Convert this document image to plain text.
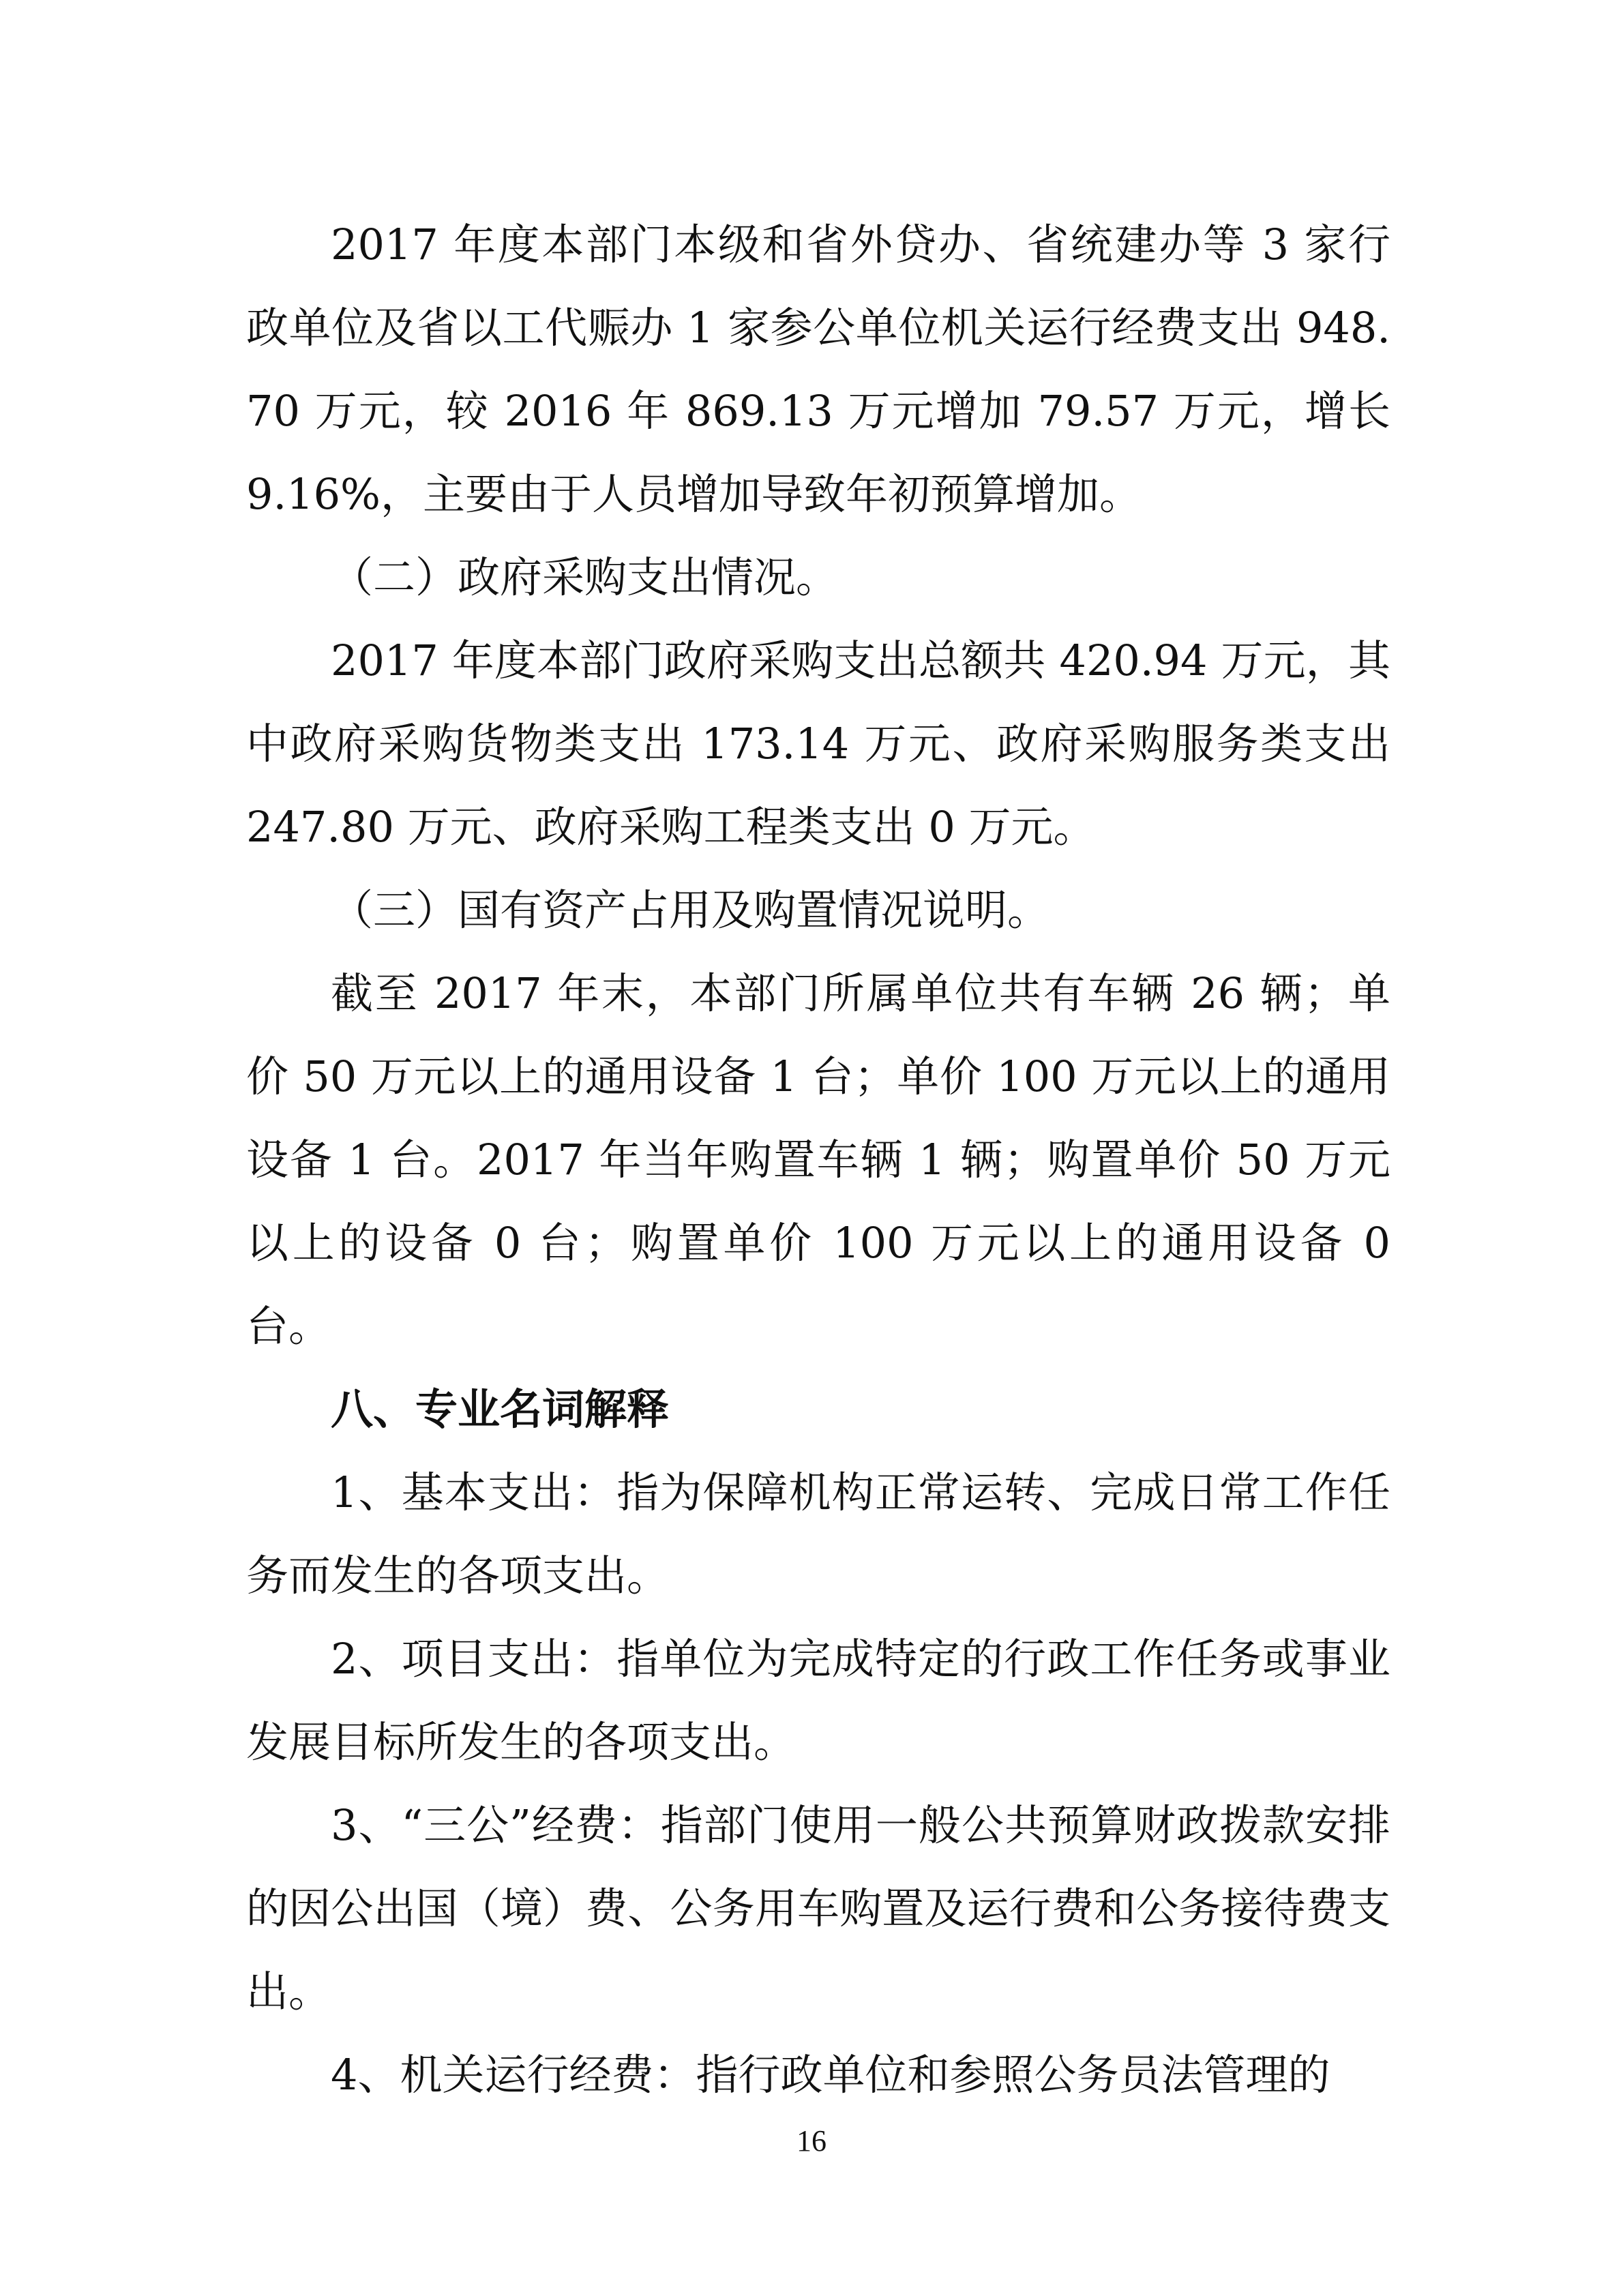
2017 年度本部门本级和省外贷办、省统建办等 3 家行政单位及省以工代赈办 1 家参公单位机关运行经费支出 948.70 万元，较 2016 年 869.13 万元增加 79.57 万元，增长 9.16%，主要由于人员增加导致年初预算增加。

（二）政府采购支出情况。

2017 年度本部门政府采购支出总额共 420.94 万元，其中政府采购货物类支出 173.14 万元、政府采购服务类支出 247.80 万元、政府采购工程类支出 0 万元。

（三）国有资产占用及购置情况说明。

截至 2017 年末，本部门所属单位共有车辆 26 辆；单价 50 万元以上的通用设备 1 台；单价 100 万元以上的通用设备 1 台。2017 年当年购置车辆 1 辆；购置单价 50 万元以上的设备 0 台；购置单价 100 万元以上的通用设备 0 台。

八、专业名词解释

1、基本支出：指为保障机构正常运转、完成日常工作任务而发生的各项支出。

2、项目支出：指单位为完成特定的行政工作任务或事业发展目标所发生的各项支出。

3、“三公”经费：指部门使用一般公共预算财政拨款安排的因公出国（境）费、公务用车购置及运行费和公务接待费支出。

4、机关运行经费：指行政单位和参照公务员法管理的

16
